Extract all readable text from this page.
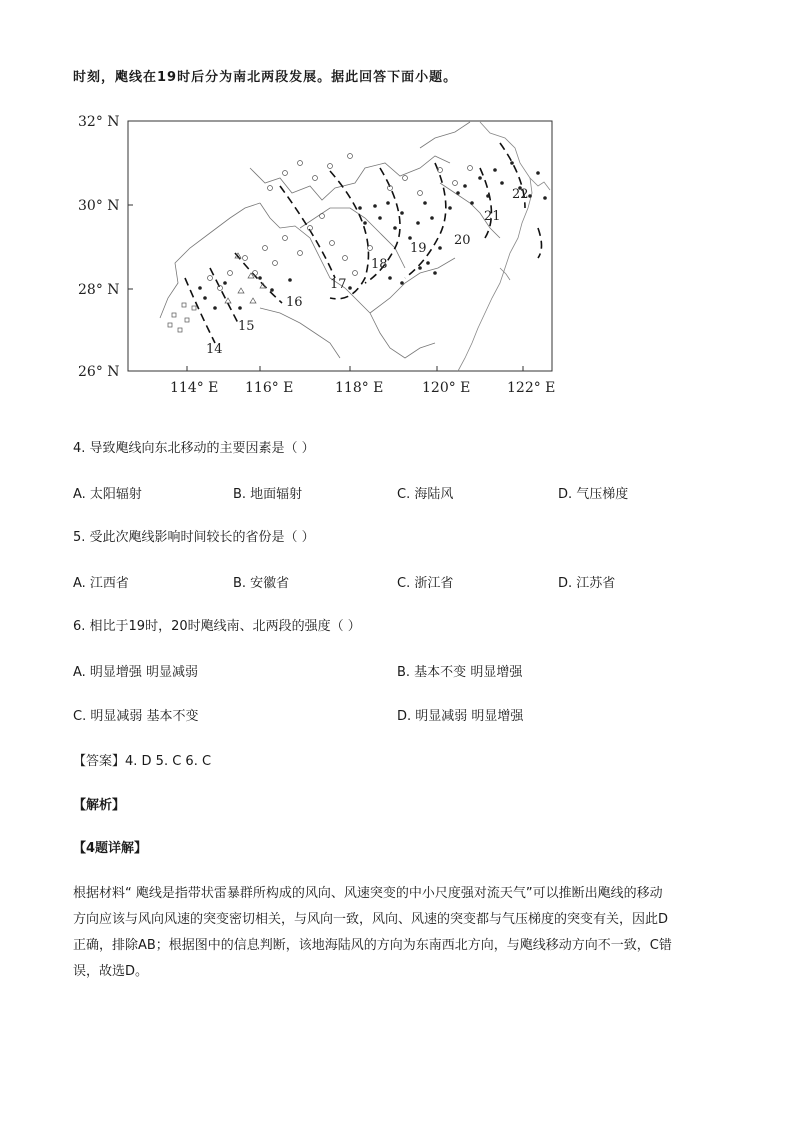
时刻，飑线在19时后分为南北两段发展。据此回答下面小题。
32° N
30° N
28° N
26° N
114° E 116° E	118° E	120° E	122° E
14
15
16
17
18
19
20
21
22
4. 导致飑线向东北移动的主要因素是（ ）
A. 太阳辐射	B. 地面辐射	C. 海陆风	D. 气压梯度
5. 受此次飑线影响时间较长的省份是（ ）
A. 江西省	B. 安徽省	C. 浙江省	D. 江苏省
6. 相比于19时，20时飑线南、北两段的强度（ ）
A. 明显增强 明显减弱	B. 基本不变 明显增强
C. 明显减弱 基本不变	D. 明显减弱 明显增强
【答案】4. D 5. C 6. C
【解析】
【4题详解】
根据材料“ 飑线是指带状雷暴群所构成的风向、风速突变的中小尺度强对流天气”可以推断出飑线的移动
方向应该与风向风速的突变密切相关，与风向一致，风向、风速的突变都与气压梯度的突变有关，因此D
正确，排除AB；根据图中的信息判断，该地海陆风的方向为东南西北方向，与飑线移动方向不一致，C错
误，故选D。
